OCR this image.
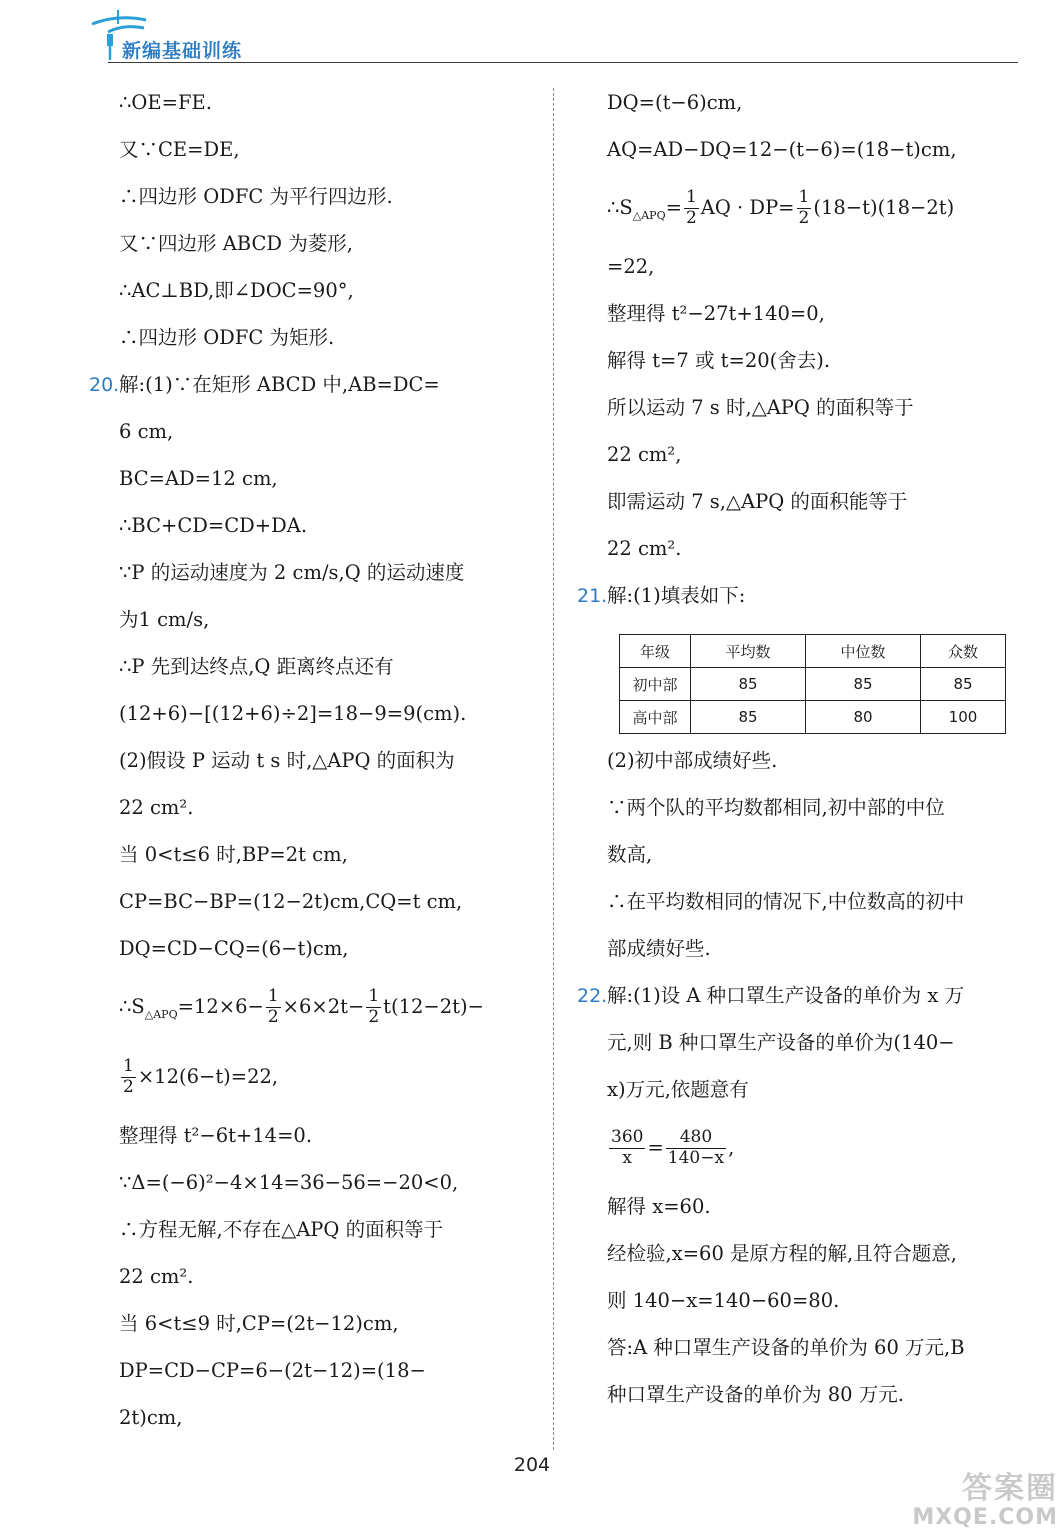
新编基础训练
∴OE=FE.
又∵CE=DE,
∴四边形 ODFC 为平行四边形.
又∵四边形 ABCD 为菱形,
∴AC⊥BD,即∠DOC=90°,
∴四边形 ODFC 为矩形.
20. 解:(1)∵在矩形 ABCD 中,AB=DC=
6 cm,
BC=AD=12 cm,
∴BC+CD=CD+DA.
∵P 的运动速度为 2 cm/s,Q 的运动速度
为1 cm/s,
∴P 先到达终点,Q 距离终点还有
(12+6)−[(12+6)÷2]=18−9=9(cm).
(2)假设 P 运动 t s 时,△APQ 的面积为
22 cm².
当 0<t≤6 时,BP=2t cm,
CP=BC−BP=(12−2t)cm,CQ=t cm,
DQ=CD−CQ=(6−t)cm,
$\therefore S_{\triangle APQ}=12\times 6- \frac{1}{2} \times 6\times 2t- \frac{1}{2} t(12-2t)-$
$\frac{1}{2} \times 12(6-t)=22$,
整理得 t²−6t+14=0.
∵Δ=(−6)²−4×14=36−56=−20<0,
∴方程无解,不存在△APQ 的面积等于
22 cm².
当 6<t≤9 时,CP=(2t−12)cm,
DP=CD−CP=6−(2t−12)=(18−
2t)cm,
DQ=(t−6)cm,
AQ=AD−DQ=12−(t−6)=(18−t)cm,
$\therefore S_{\triangle APQ}= \frac{1}{2}$ AQ · $DP= \frac{1}{2} (18-t)(18-2t)$
=22,
整理得 t²−27t+140=0,
解得 t=7 或 t=20(舍去).
所以运动 7 s 时,△APQ 的面积等于
22 cm²,
即需运动 7 s,△APQ 的面积能等于
22 cm².
21. 解:(1)填表如下:
年级	平均数	中位数	众数
初中部	85	85	85
高中部	85	80	100
(2)初中部成绩好些.
∵两个队的平均数都相同,初中部的中位
数高,
∴在平均数相同的情况下,中位数高的初中
部成绩好些.
22. 解:(1)设 A 种口罩生产设备的单价为 x 万
元,则 B 种口罩生产设备的单价为(140−
x)万元,依题意有
$\frac{360}{x} = \frac{480}{140-x}$ ,
解得 x=60.
经检验,x=60 是原方程的解,且符合题意,
则 140−x=140−60=80.
答:A 种口罩生产设备的单价为 60 万元,B
种口罩生产设备的单价为 80 万元.
204
答案圈
MXQE.COM
